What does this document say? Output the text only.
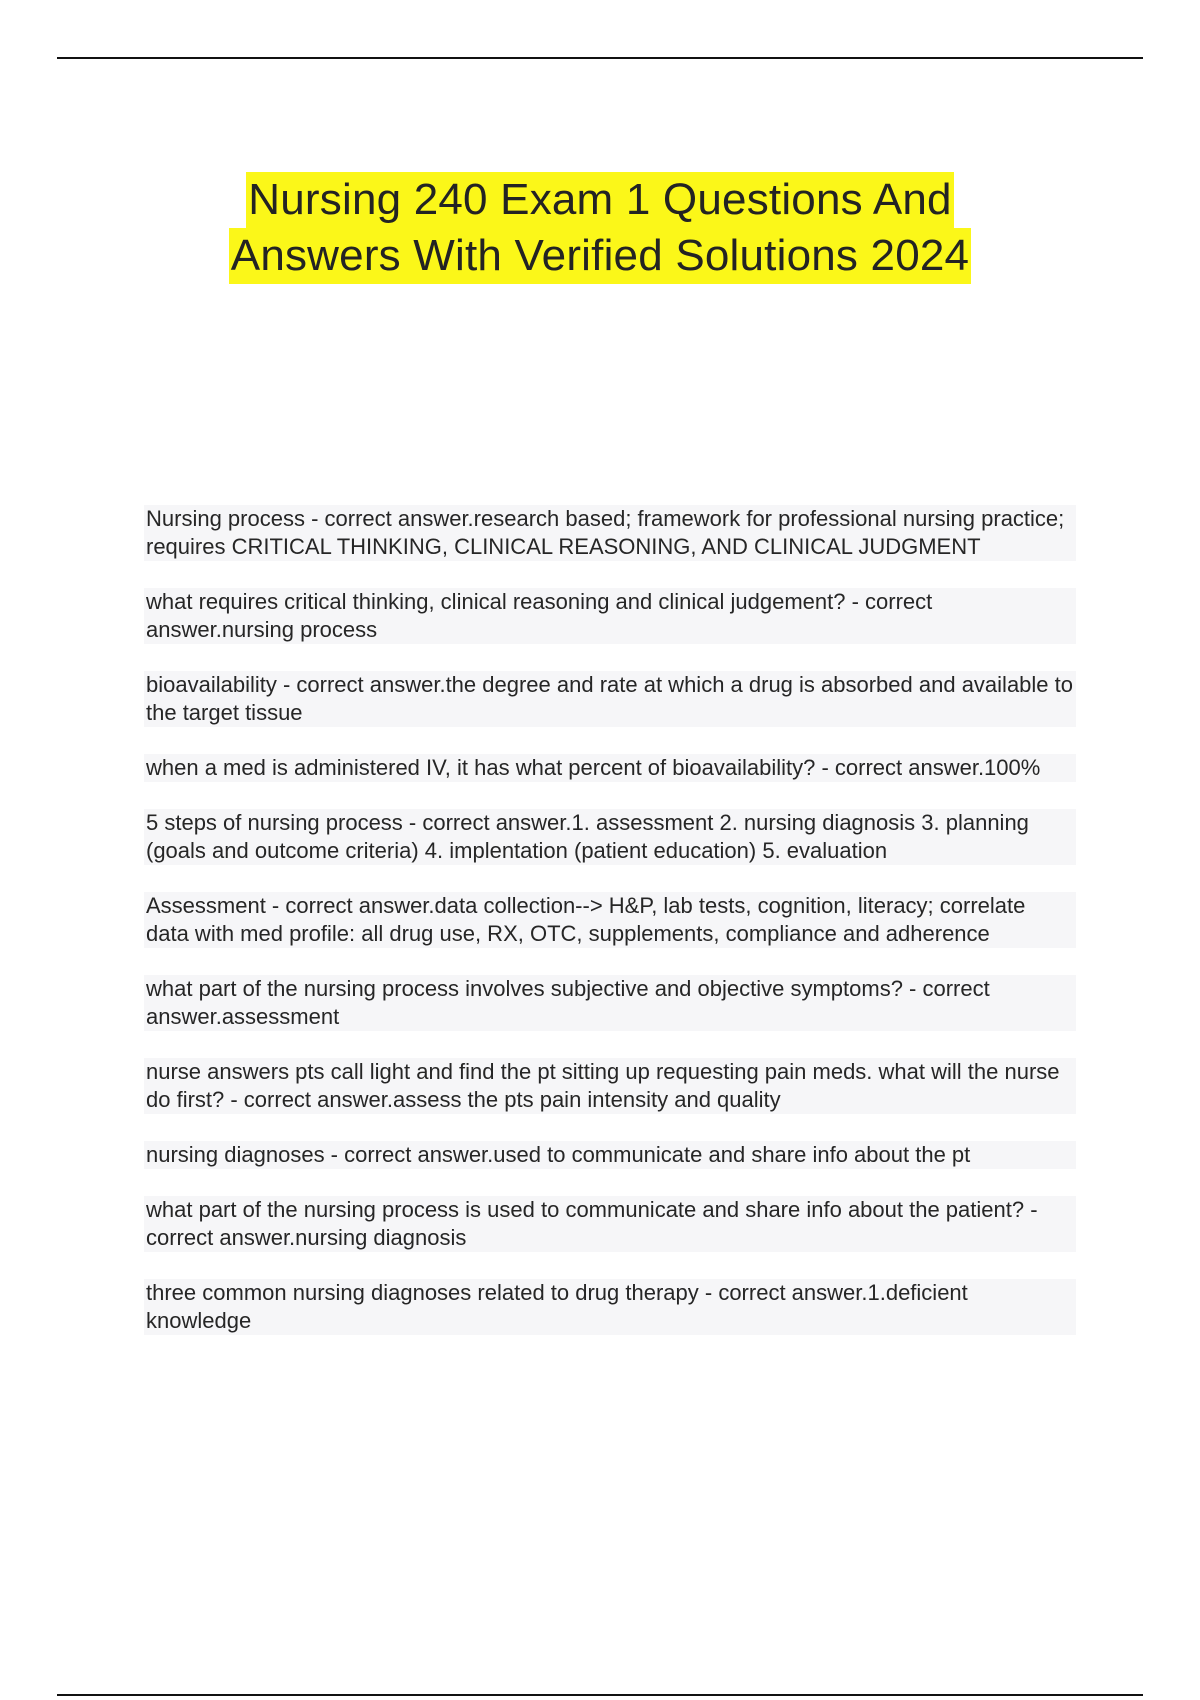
Nursing 240 Exam 1 Questions And
Answers With Verified Solutions 2024
Nursing process - correct answer.research based; framework for professional nursing practice; requires CRITICAL THINKING, CLINICAL REASONING, AND CLINICAL JUDGMENT
what requires critical thinking, clinical reasoning and clinical judgement? - correct answer.nursing process
bioavailability - correct answer.the degree and rate at which a drug is absorbed and available to the target tissue
when a med is administered IV, it has what percent of bioavailability? - correct answer.100%
5 steps of nursing process - correct answer.1. assessment 2. nursing diagnosis 3. planning (goals and outcome criteria) 4. implentation (patient education) 5. evaluation
Assessment - correct answer.data collection--> H&P, lab tests, cognition, literacy; correlate data with med profile: all drug use, RX, OTC, supplements, compliance and adherence
what part of the nursing process involves subjective and objective symptoms? - correct answer.assessment
nurse answers pts call light and find the pt sitting up requesting pain meds. what will the nurse do first? - correct answer.assess the pts pain intensity and quality
nursing diagnoses - correct answer.used to communicate and share info about the pt
what part of the nursing process is used to communicate and share info about the patient? - correct answer.nursing diagnosis
three common nursing diagnoses related to drug therapy - correct answer.1.deficient knowledge
